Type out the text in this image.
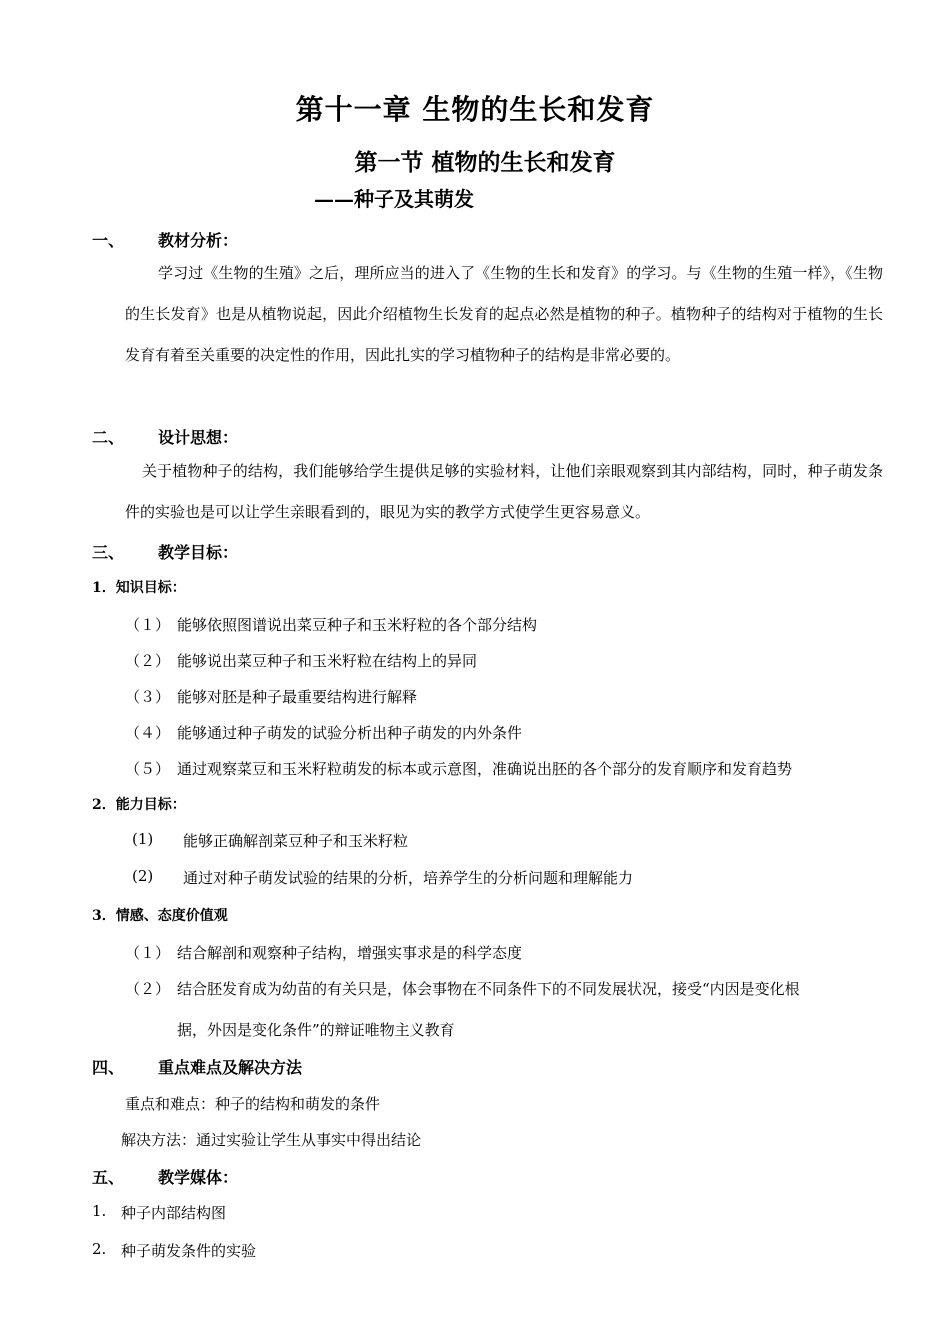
第十一章 生物的生长和发育
第一节 植物的生长和发育
——种子及其萌发
一、 教材分析：
学习过《生物的生殖》之后，理所应当的进入了《生物的生长和发育》的学习。与《生物的生殖一样》，《生物的生长发育》也是从植物说起，因此介绍植物生长发育的起点必然是植物的种子。植物种子的结构对于植物的生长发育有着至关重要的决定性的作用，因此扎实的学习植物种子的结构是非常必要的。
二、 设计思想：
关于植物种子的结构，我们能够给学生提供足够的实验材料，让他们亲眼观察到其内部结构，同时，种子萌发条件的实验也是可以让学生亲眼看到的，眼见为实的教学方式使学生更容易意义。
三、 教学目标：
1．知识目标：
（１） 能够依照图谱说出菜豆种子和玉米籽粒的各个部分结构
（２） 能够说出菜豆种子和玉米籽粒在结构上的异同
（３） 能够对胚是种子最重要结构进行解释
（４） 能够通过种子萌发的试验分析出种子萌发的内外条件
（５） 通过观察菜豆和玉米籽粒萌发的标本或示意图，准确说出胚的各个部分的发育顺序和发育趋势
2．能力目标：
(1) 能够正确解剖菜豆种子和玉米籽粒
(2) 通过对种子萌发试验的结果的分析，培养学生的分析问题和理解能力
3．情感、态度价值观
（１） 结合解剖和观察种子结构，增强实事求是的科学态度
（２） 结合胚发育成为幼苗的有关只是，体会事物在不同条件下的不同发展状况，接受“内因是变化根
据，外因是变化条件”的辩证唯物主义教育
四、 重点难点及解决方法
重点和难点：种子的结构和萌发的条件
解决方法：通过实验让学生从事实中得出结论
五、 教学媒体：
1. 种子内部结构图
2. 种子萌发条件的实验
